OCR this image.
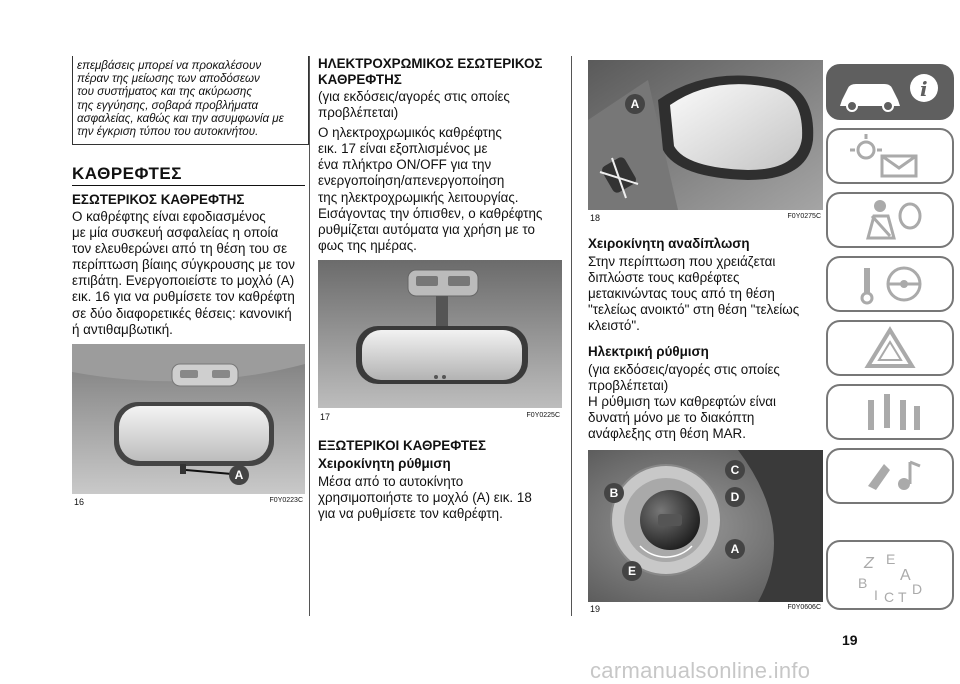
επεμβάσεις μπορεί να προκαλέσουν
πέραν της μείωσης των αποδόσεων
του συστήματος και της ακύρωσης
της εγγύησης, σοβαρά προβλήματα
ασφαλείας, καθώς και την ασυμφωνία με
την έγκριση τύπου του αυτοκινήτου.
ΚΑΘΡΕΦΤΕΣ
ΕΣΩΤΕΡΙΚΟΣ ΚΑΘΡΕΦΤΗΣ
Ο καθρέφτης είναι εφοδιασμένος
με μία συσκευή ασφαλείας η οποία
τον ελευθερώνει από τη θέση του σε
περίπτωση βίαιης σύγκρουσης με τον
επιβάτη. Ενεργοποιείστε το μοχλό (A)
εικ. 16 για να ρυθμίσετε τον καθρέφτη
σε δύο διαφορετικές θέσεις: κανονική
ή αντιθαμβωτική.
A
16	F0Y0223C
ΗΛΕΚΤΡΟΧΡΩΜΙΚΟΣ ΕΣΩΤΕΡΙΚΟΣ
ΚΑΘΡΕΦΤΗΣ
(για εκδόσεις/αγορές στις οποίες
προβλέπεται)
Ο ηλεκτροχρωμικός καθρέφτης
εικ. 17 είναι εξοπλισμένος με
ένα πλήκτρο ON/OFF για την
ενεργοποίηση/απενεργοποίηση
της ηλεκτροχρωμικής λειτουργίας.
Εισάγοντας την όπισθεν, ο καθρέφτης
ρυθμίζεται αυτόματα για χρήση με το
φως της ημέρας.
17	F0Y0225C
ΕΞΩΤΕΡΙΚΟΙ ΚΑΘΡΕΦΤΕΣ
Χειροκίνητη ρύθμιση
Μέσα από το αυτοκίνητο
χρησιμοποιήστε το μοχλό (A) εικ. 18
για να ρυθμίσετε τον καθρέφτη.
A
18	F0Y0275C
Χειροκίνητη αναδίπλωση
Στην περίπτωση που χρειάζεται
διπλώστε τους καθρέφτες
μετακινώντας τους από τη θέση
"τελείως ανοικτό" στη θέση "τελείως
κλειστό".
Ηλεκτρική ρύθμιση
(για εκδόσεις/αγορές στις οποίες
προβλέπεται)
Η ρύθμιση των καθρεφτών είναι
δυνατή μόνο με το διακόπτη
ανάφλεξης στη θέση MAR.
C
B	D
A
E
19	F0Y0606C
i
Z E
A
B
I C T D
19
carmanualsonline.info
